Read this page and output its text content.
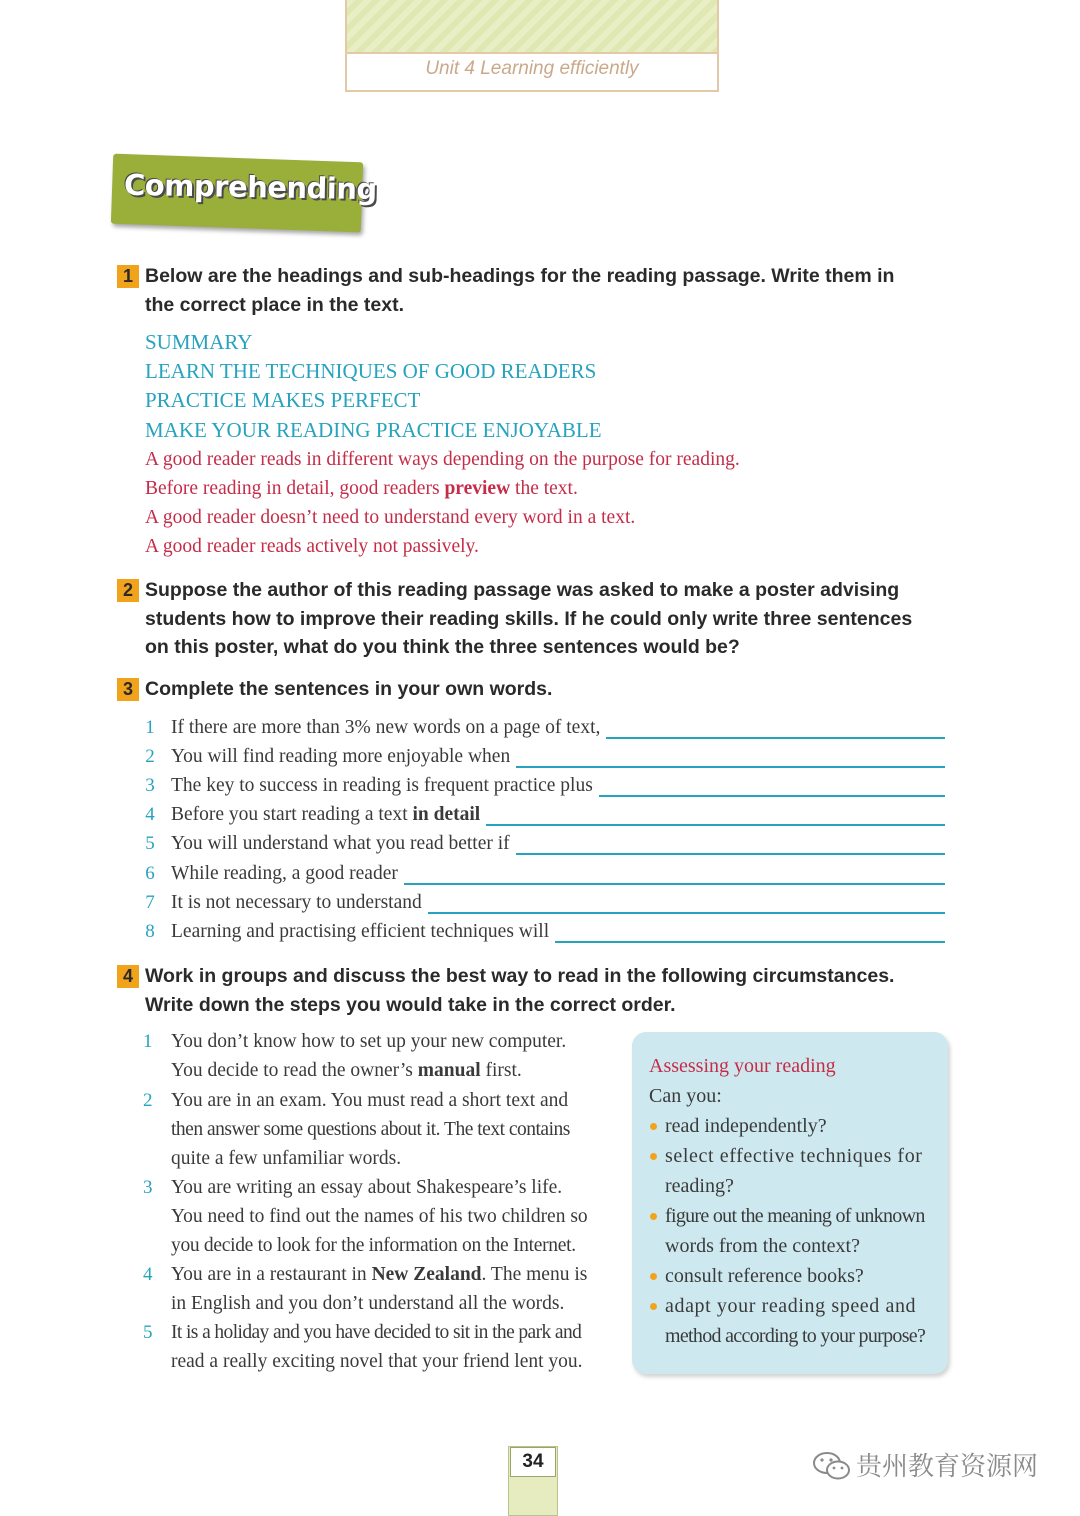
Unit 4 Learning efficiently
Comprehending
1 Below are the headings and sub-headings for the reading passage. Write them in
the correct place in the text.
SUMMARY
LEARN THE TECHNIQUES OF GOOD READERS
PRACTICE MAKES PERFECT
MAKE YOUR READING PRACTICE ENJOYABLE
A good reader reads in different ways depending on the purpose for reading.
Before reading in detail, good readers preview the text.
A good reader doesn’t need to understand every word in a text.
A good reader reads actively not passively.
2 Suppose the author of this reading passage was asked to make a poster advising
students how to improve their reading skills. If he could only write three sentences
on this poster, what do you think the three sentences would be?
3 Complete the sentences in your own words.
1 If there are more than 3% new words on a page of text,
2 You will find reading more enjoyable when
3 The key to success in reading is frequent practice plus
4 Before you start reading a text in detail
5 You will understand what you read better if
6 While reading, a good reader
7 It is not necessary to understand
8 Learning and practising efficient techniques will
4 Work in groups and discuss the best way to read in the following circumstances.
Write down the steps you would take in the correct order.
1 You don’t know how to set up your new computer.
You decide to read the owner’s manual first.
2 You are in an exam. You must read a short text and
then answer some questions about it. The text contains
quite a few unfamiliar words.
3 You are writing an essay about Shakespeare’s life.
You need to find out the names of his two children so
you decide to look for the information on the Internet.
4 You are in a restaurant in New Zealand. The menu is
in English and you don’t understand all the words.
5 It is a holiday and you have decided to sit in the park and
read a really exciting novel that your friend lent you.
Assessing your reading
Can you:
read independently?
select effective techniques for
reading?
figure out the meaning of unknown
words from the context?
consult reference books?
adapt your reading speed and
method according to your purpose?
34	贵州教育资源网
